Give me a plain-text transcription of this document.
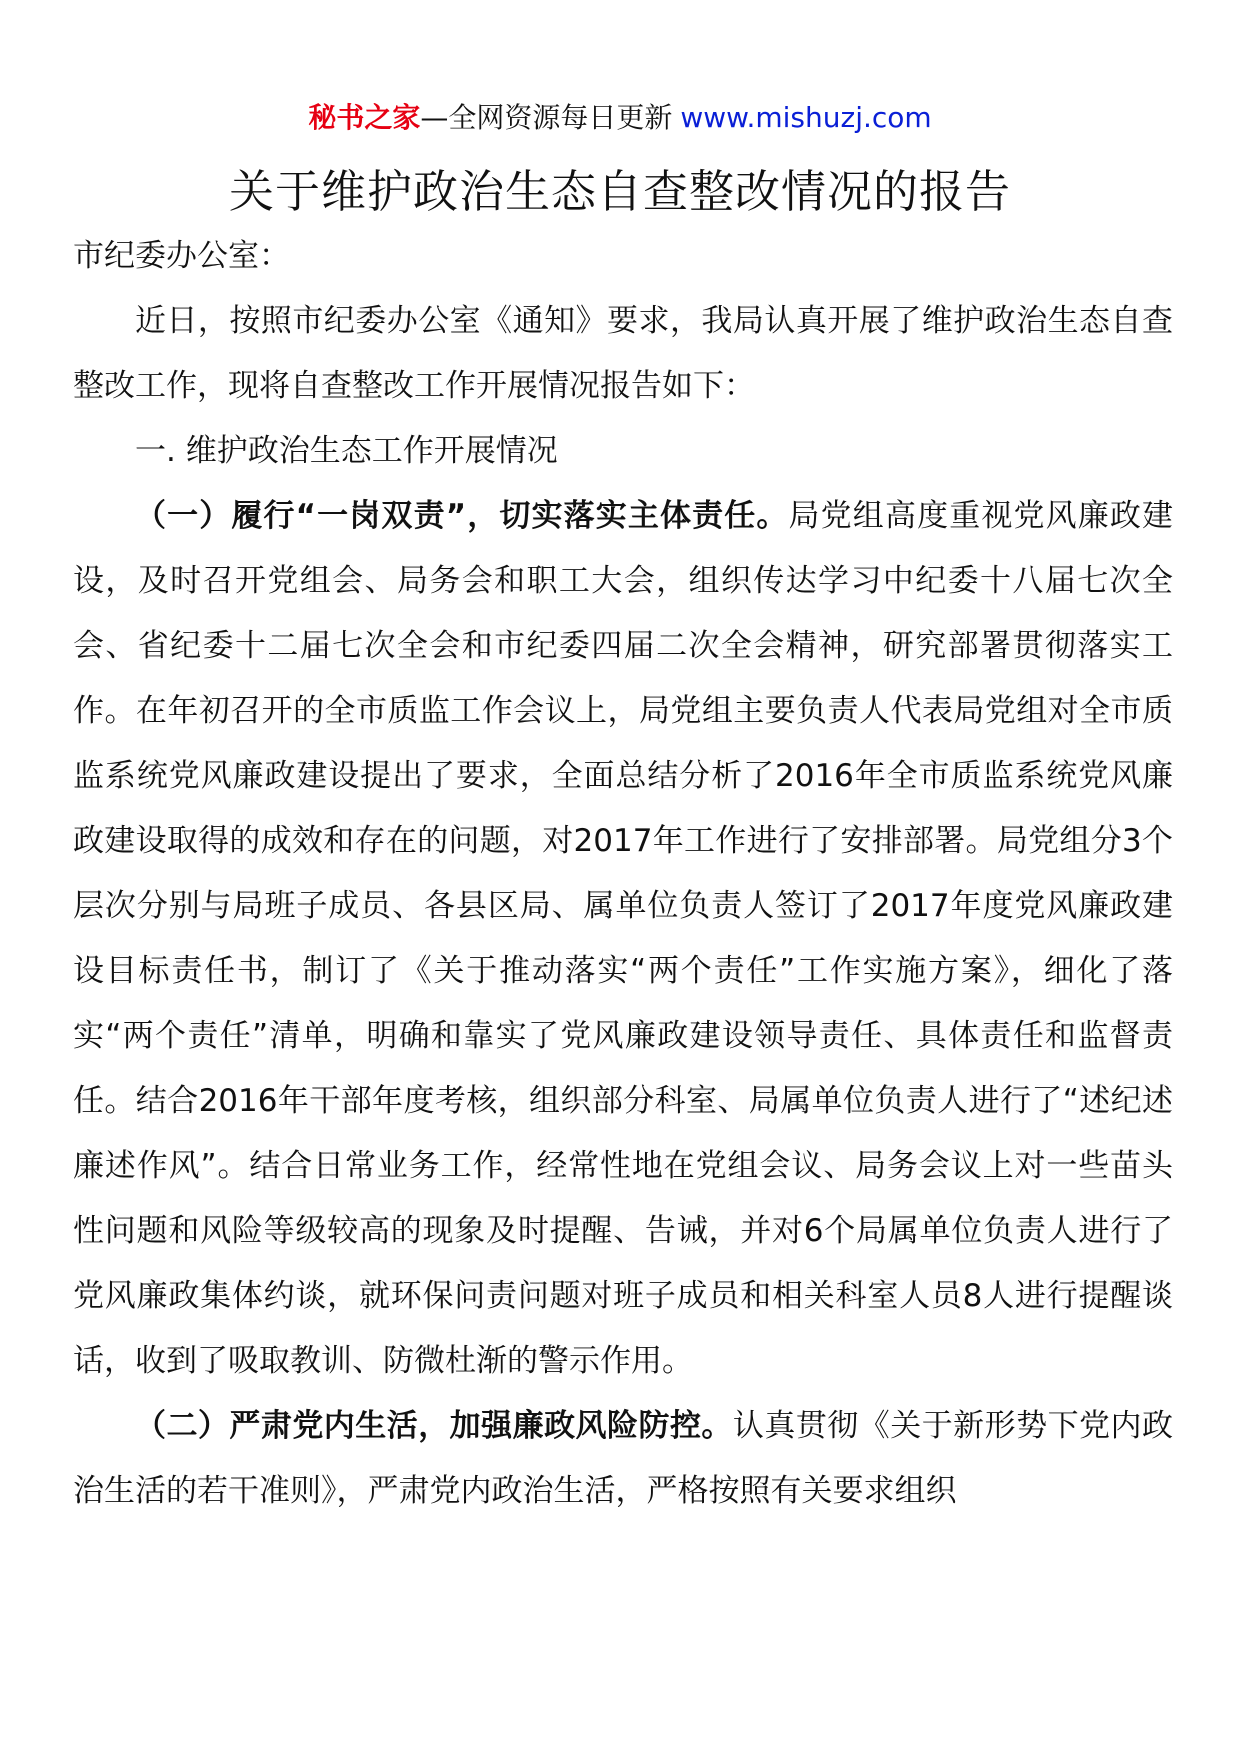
秘书之家—全网资源每日更新 www.mishuzj.com
关于维护政治生态自查整改情况的报告

市纪委办公室：

近日，按照市纪委办公室《通知》要求，我局认真开展了维护政治生态自查整改工作，现将自查整改工作开展情况报告如下：

一. 维护政治生态工作开展情况

（一）履行“一岗双责”，切实落实主体责任。局党组高度重视党风廉政建设，及时召开党组会、局务会和职工大会，组织传达学习中纪委十八届七次全会、省纪委十二届七次全会和市纪委四届二次全会精神，研究部署贯彻落实工作。在年初召开的全市质监工作会议上，局党组主要负责人代表局党组对全市质监系统党风廉政建设提出了要求，全面总结分析了2016年全市质监系统党风廉政建设取得的成效和存在的问题，对2017年工作进行了安排部署。局党组分3个层次分别与局班子成员、各县区局、属单位负责人签订了2017年度党风廉政建设目标责任书，制订了《关于推动落实“两个责任”工作实施方案》，细化了落实“两个责任”清单，明确和靠实了党风廉政建设领导责任、具体责任和监督责任。结合2016年干部年度考核，组织部分科室、局属单位负责人进行了“述纪述廉述作风”。结合日常业务工作，经常性地在党组会议、局务会议上对一些苗头性问题和风险等级较高的现象及时提醒、告诫，并对6个局属单位负责人进行了党风廉政集体约谈，就环保问责问题对班子成员和相关科室人员8人进行提醒谈话，收到了吸取教训、防微杜渐的警示作用。

（二）严肃党内生活，加强廉政风险防控。认真贯彻《关于新形势下党内政治生活的若干准则》，严肃党内政治生活，严格按照有关要求组织
